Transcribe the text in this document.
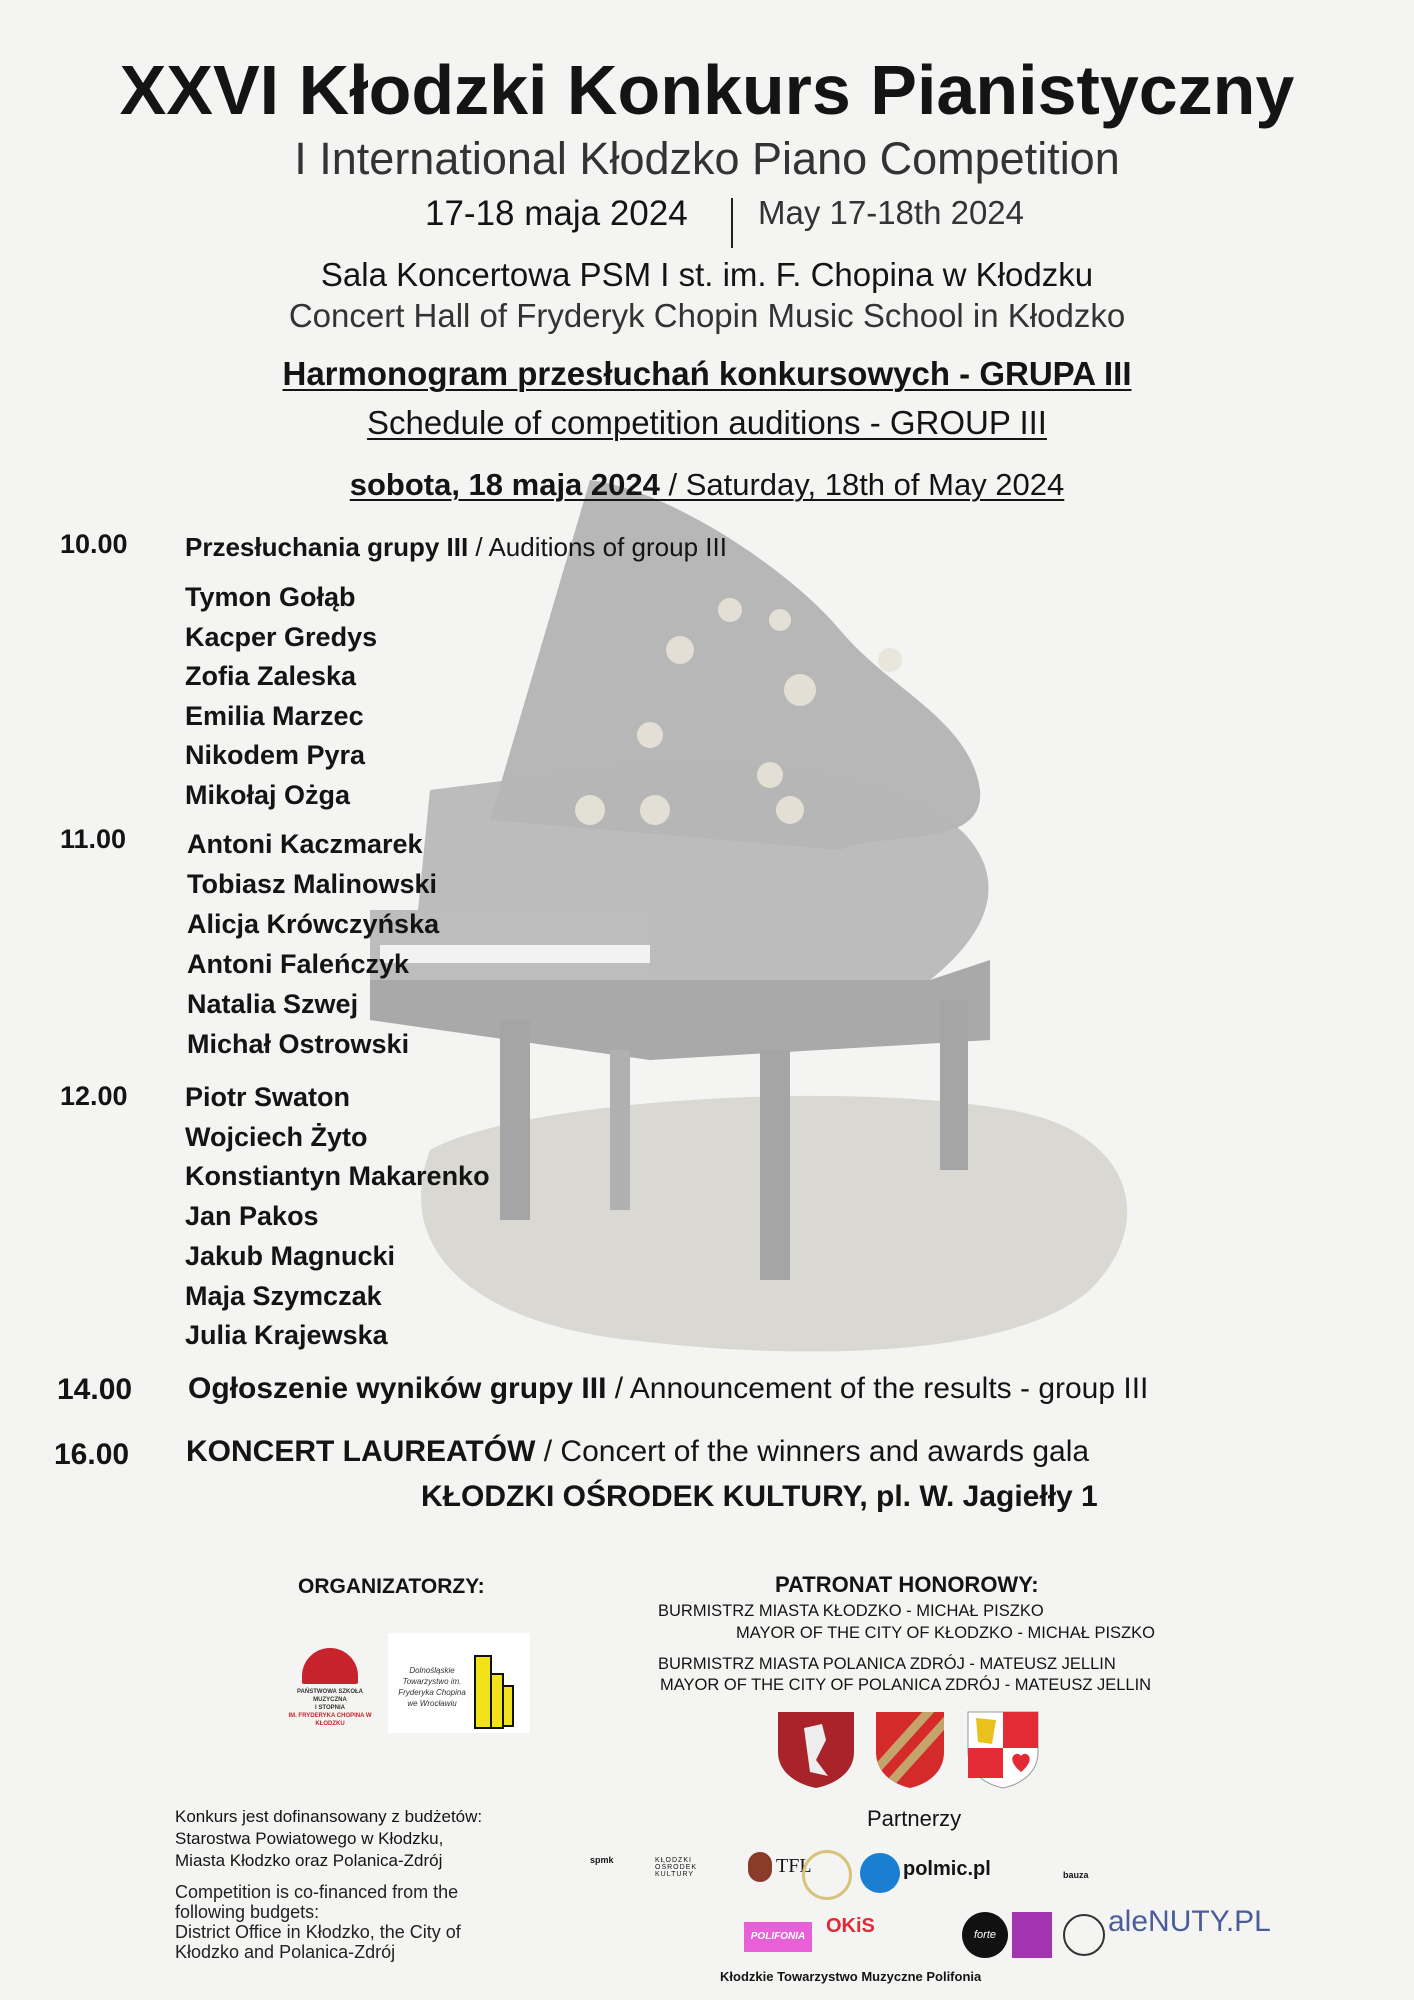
XXVI Kłodzki Konkurs Pianistyczny
I International Kłodzko Piano Competition
17-18 maja 2024 May 17-18th 2024
Sala Koncertowa PSM I st. im. F. Chopina w Kłodzku
Concert Hall of Fryderyk Chopin Music School in Kłodzko
Harmonogram przesłuchań konkursowych - GRUPA III
Schedule of competition auditions - GROUP III
sobota, 18 maja 2024 / Saturday, 18th of May 2024
10.00 Przesłuchania grupy III / Auditions of group III
Tymon Gołąb
Kacper Gredys
Zofia Zaleska
Emilia Marzec
Nikodem Pyra
Mikołaj Ożga
11.00 Antoni Kaczmarek
Tobiasz Malinowski
Alicja Krówczyńska
Antoni Faleńczyk
Natalia Szwej
Michał Ostrowski
12.00 Piotr Swaton
Wojciech Żyto
Konstiantyn Makarenko
Jan Pakos
Jakub Magnucki
Maja Szymczak
Julia Krajewska
14.00 Ogłoszenie wyników grupy III / Announcement of the results - group III
16.00 KONCERT LAUREATÓW / Concert of the winners and awards gala
KŁODZKI OŚRODEK KULTURY, pl. W. Jagiełły 1
ORGANIZATORZY:
PAŃSTWOWA SZKOŁA MUZYCZNA
I STOPNIA
IM. FRYDERYKA CHOPINA W KŁODZKU
Dolnośląskie Towarzystwo im. Fryderyka Chopina we Wrocławiu
PATRONAT HONOROWY:
BURMISTRZ MIASTA KŁODZKO - MICHAŁ PISZKO
MAYOR OF THE CITY OF KŁODZKO - MICHAŁ PISZKO
BURMISTRZ MIASTA POLANICA ZDRÓJ - MATEUSZ JELLIN
MAYOR OF THE CITY OF POLANICA ZDRÓJ - MATEUSZ JELLIN
Konkurs jest dofinansowany z budżetów:
Starostwa Powiatowego w Kłodzku,
Miasta Kłodzko oraz Polanica-Zdrój
Competition is co-financed from the
following budgets:
District Office in Kłodzko, the City of
Kłodzko and Polanica-Zdrój
Partnerzy
spmk	KŁODZKI OŚRODEK KULTURY	TFL	polmic.pl	bauza
POLIFONIA	OKiS	forte	aleNUTY.PL
Kłodzkie Towarzystwo Muzyczne Polifonia
